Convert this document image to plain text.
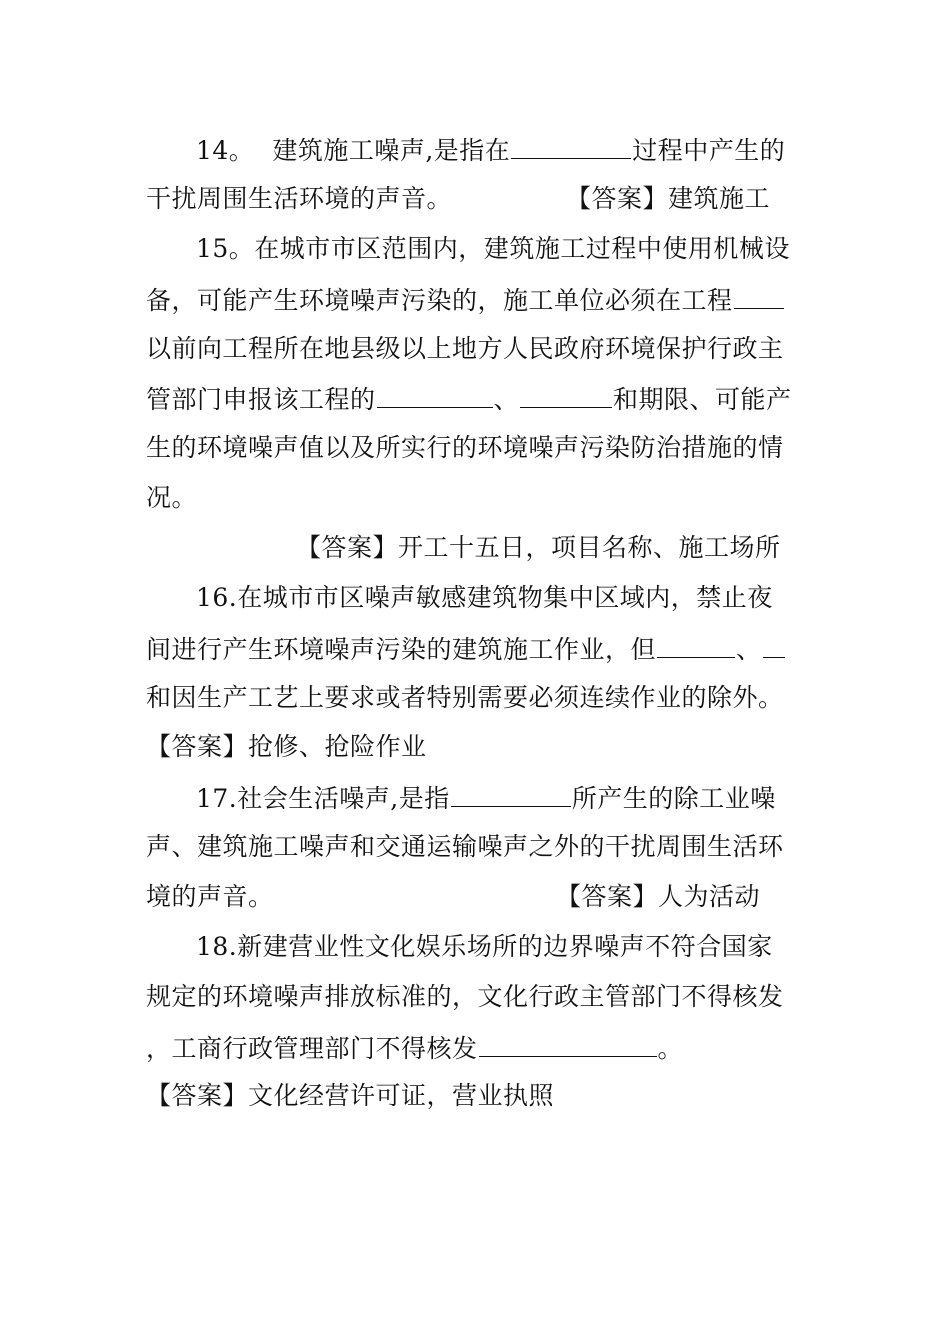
14。 建筑施工噪声,是指在	过程中产生的
干扰周围生活环境的声音。	【答案】建筑施工
15。在城市市区范围内，建筑施工过程中使用机械设
备，可能产生环境噪声污染的，施工单位必须在工程
以前向工程所在地县级以上地方人民政府环境保护行政主
管部门申报该工程的	、	和期限、可能产
生的环境噪声值以及所实行的环境噪声污染防治措施的情
况。
【答案】开工十五日，项目名称、施工场所
16.在城市市区噪声敏感建筑物集中区域内，禁止夜
间进行产生环境噪声污染的建筑施工作业，但	、
和因生产工艺上要求或者特别需要必须连续作业的除外。
【答案】抢修、抢险作业
17.社会生活噪声,是指	所产生的除工业噪
声、建筑施工噪声和交通运输噪声之外的干扰周围生活环
境的声音。	【答案】人为活动
18.新建营业性文化娱乐场所的边界噪声不符合国家
规定的环境噪声排放标准的，文化行政主管部门不得核发
，工商行政管理部门不得核发	。
【答案】文化经营许可证，营业执照
